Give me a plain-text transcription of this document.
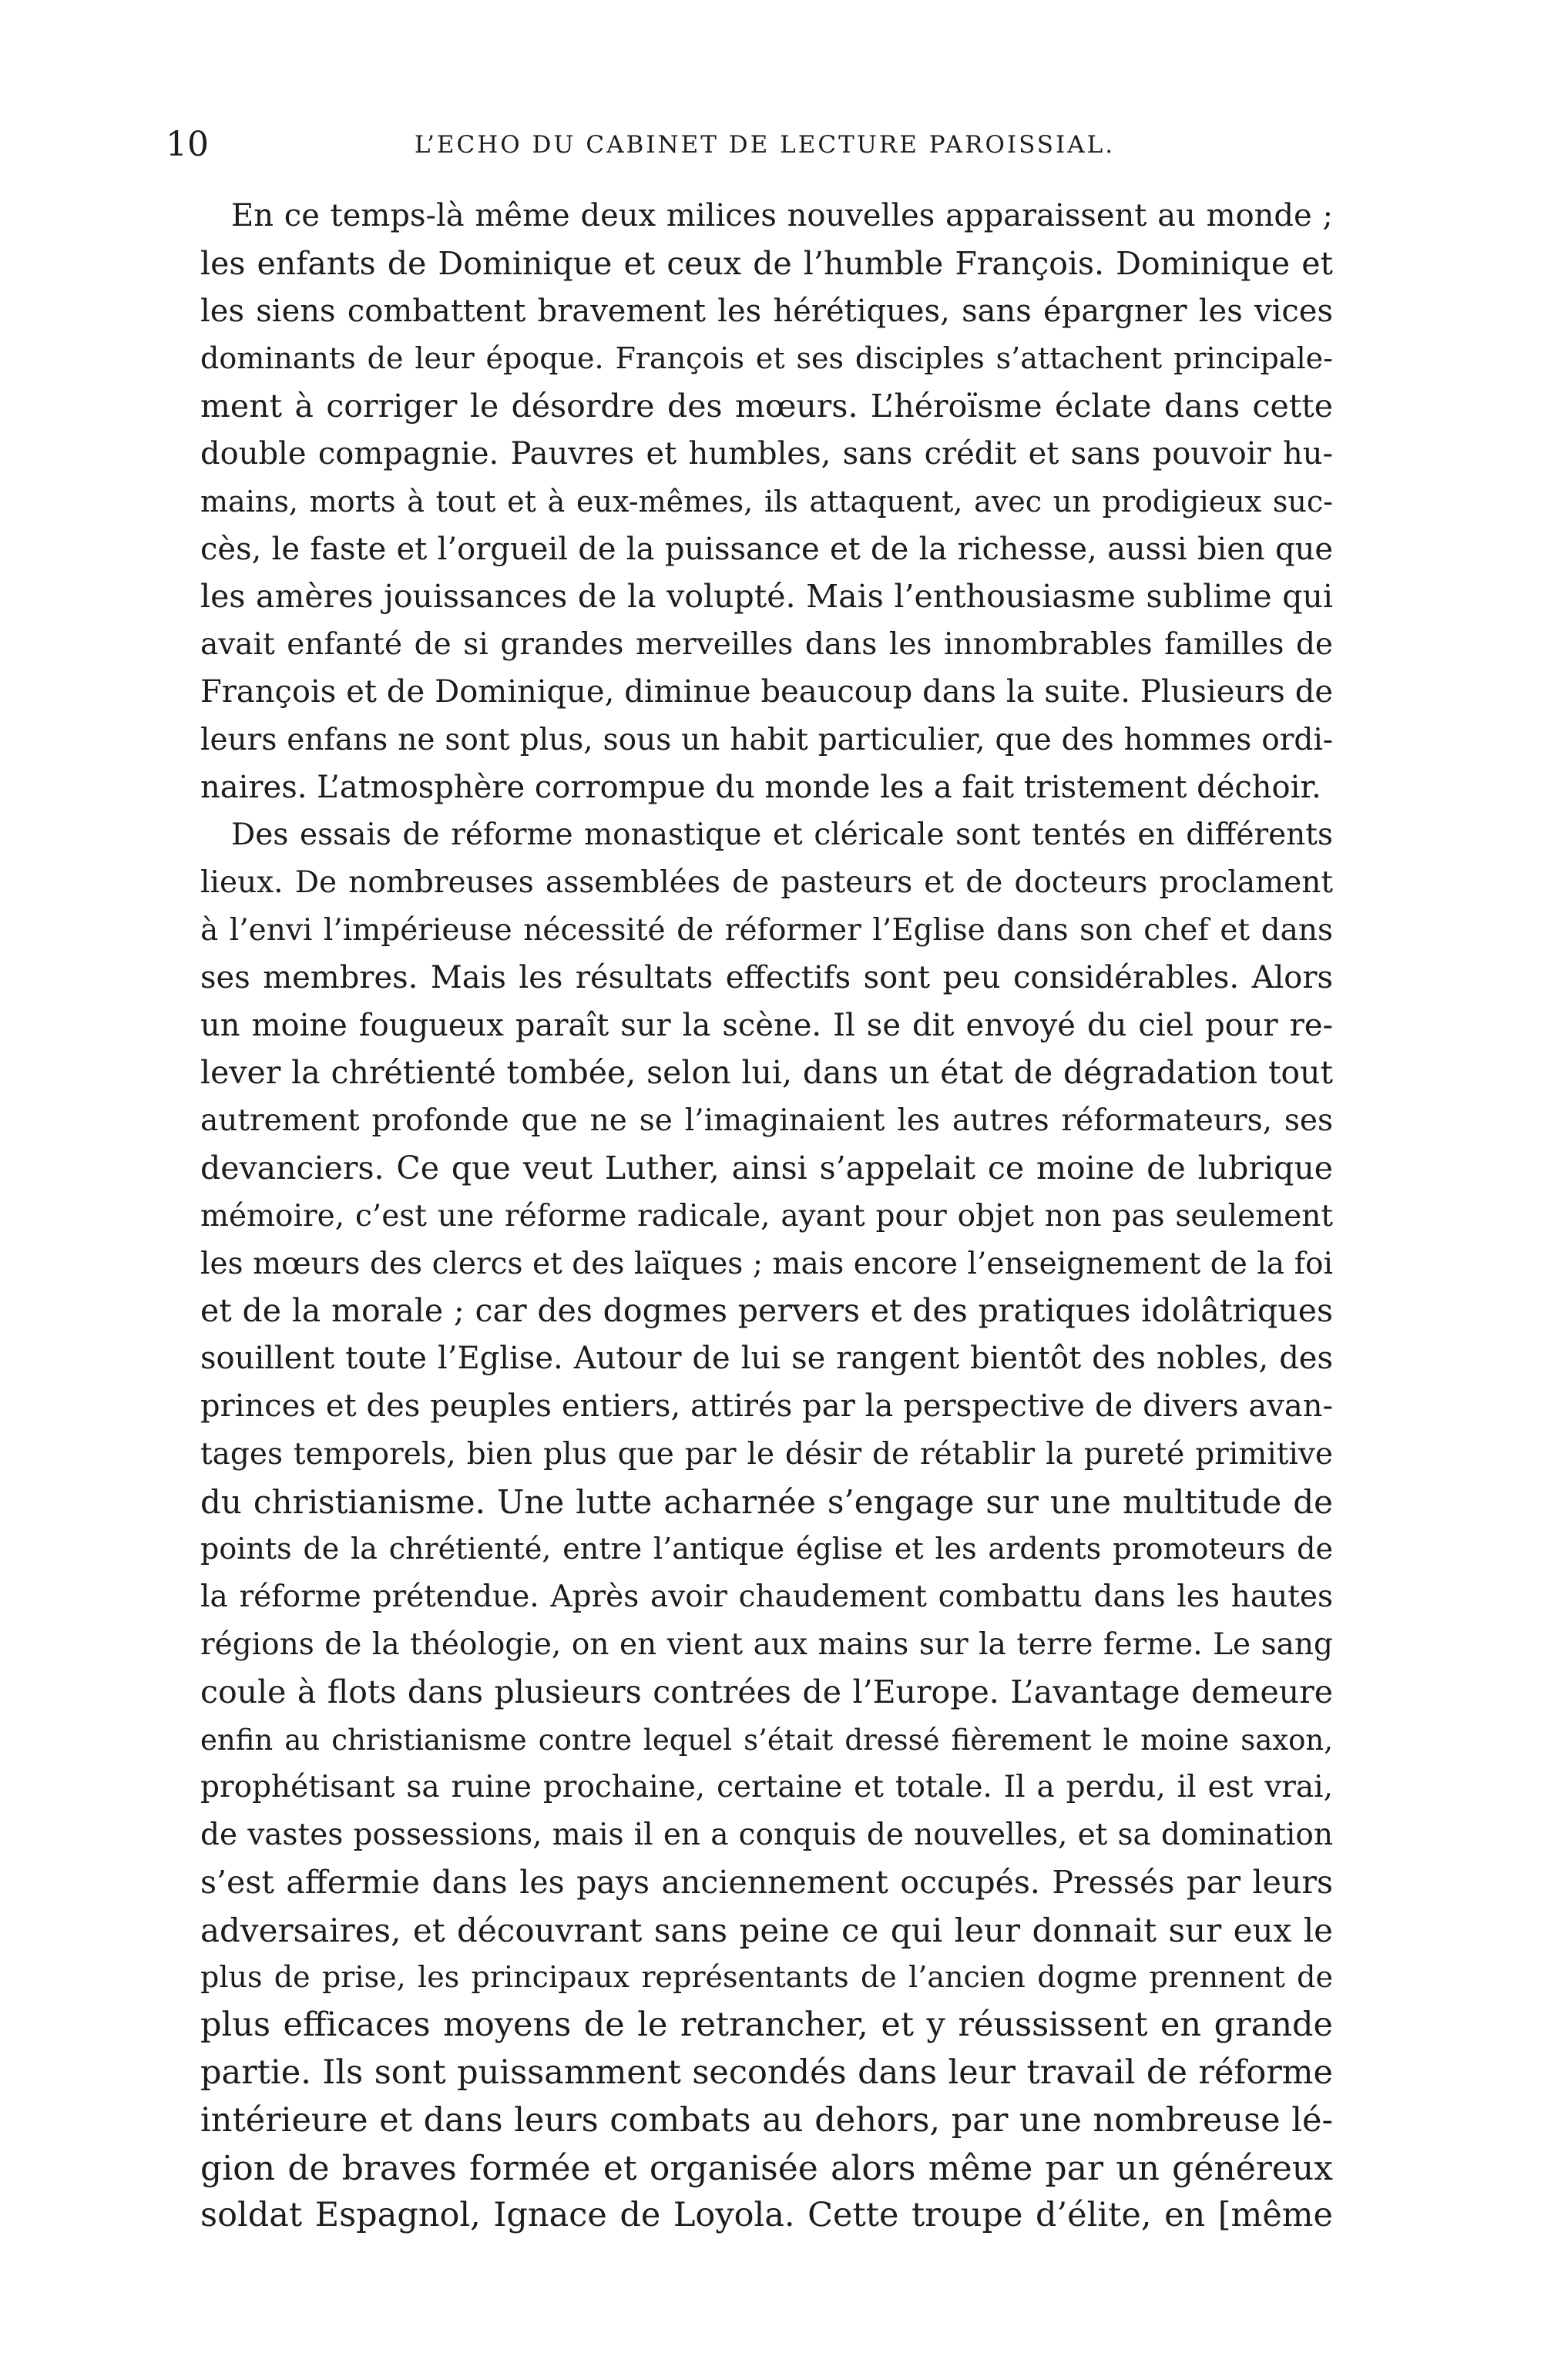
10	L’ECHO DU CABINET DE LECTURE PAROISSIAL.
En ce temps-là même deux milices nouvelles apparaissent au monde ;
les enfants de Dominique et ceux de l’humble François. Dominique et
les siens combattent bravement les hérétiques, sans épargner les vices
dominants de leur époque. François et ses disciples s’attachent principale-
ment à corriger le désordre des mœurs. L’héroïsme éclate dans cette
double compagnie. Pauvres et humbles, sans crédit et sans pouvoir hu-
mains, morts à tout et à eux-mêmes, ils attaquent, avec un prodigieux suc-
cès, le faste et l’orgueil de la puissance et de la richesse, aussi bien que
les amères jouissances de la volupté. Mais l’enthousiasme sublime qui
avait enfanté de si grandes merveilles dans les innombrables familles de
François et de Dominique, diminue beaucoup dans la suite. Plusieurs de
leurs enfans ne sont plus, sous un habit particulier, que des hommes ordi-
naires. L’atmosphère corrompue du monde les a fait tristement déchoir.
Des essais de réforme monastique et cléricale sont tentés en différents
lieux. De nombreuses assemblées de pasteurs et de docteurs proclament
à l’envi l’impérieuse nécessité de réformer l’Eglise dans son chef et dans
ses membres. Mais les résultats effectifs sont peu considérables. Alors
un moine fougueux paraît sur la scène. Il se dit envoyé du ciel pour re-
lever la chrétienté tombée, selon lui, dans un état de dégradation tout
autrement profonde que ne se l’imaginaient les autres réformateurs, ses
devanciers. Ce que veut Luther, ainsi s’appelait ce moine de lubrique
mémoire, c’est une réforme radicale, ayant pour objet non pas seulement
les mœurs des clercs et des laïques ; mais encore l’enseignement de la foi
et de la morale ; car des dogmes pervers et des pratiques idolâtriques
souillent toute l’Eglise. Autour de lui se rangent bientôt des nobles, des
princes et des peuples entiers, attirés par la perspective de divers avan-
tages temporels, bien plus que par le désir de rétablir la pureté primitive
du christianisme. Une lutte acharnée s’engage sur une multitude de
points de la chrétienté, entre l’antique église et les ardents promoteurs de
la réforme prétendue. Après avoir chaudement combattu dans les hautes
régions de la théologie, on en vient aux mains sur la terre ferme. Le sang
coule à flots dans plusieurs contrées de l’Europe. L’avantage demeure
enfin au christianisme contre lequel s’était dressé fièrement le moine saxon,
prophétisant sa ruine prochaine, certaine et totale. Il a perdu, il est vrai,
de vastes possessions, mais il en a conquis de nouvelles, et sa domination
s’est affermie dans les pays anciennement occupés. Pressés par leurs
adversaires, et découvrant sans peine ce qui leur donnait sur eux le
plus de prise, les principaux représentants de l’ancien dogme prennent de
plus efficaces moyens de le retrancher, et y réussissent en grande
partie. Ils sont puissamment secondés dans leur travail de réforme
intérieure et dans leurs combats au dehors, par une nombreuse lé-
gion de braves formée et organisée alors même par un généreux
soldat Espagnol, Ignace de Loyola. Cette troupe d’élite, en [même
